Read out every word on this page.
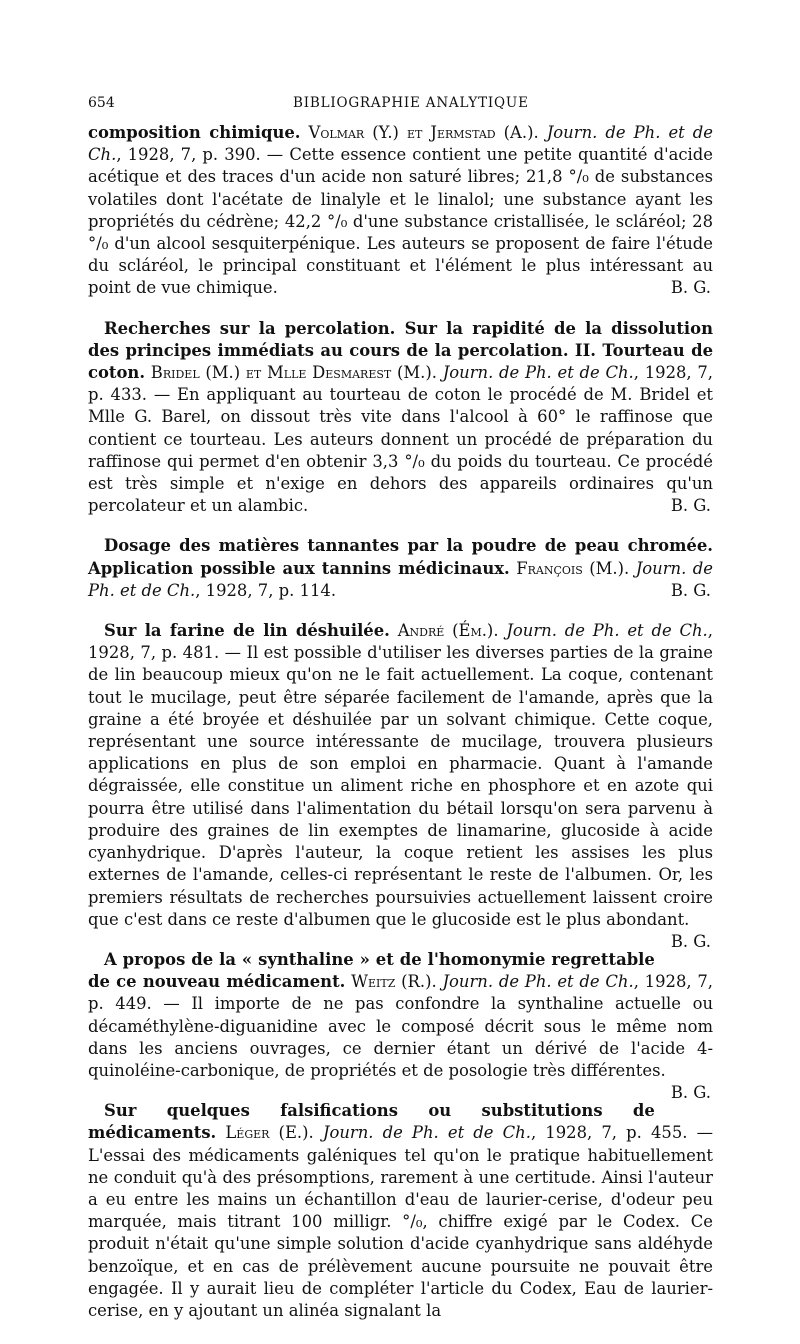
654	BIBLIOGRAPHIE ANALYTIQUE

composition chimique. Volmar (Y.) et Jermstad (A.). Journ. de Ph. et de Ch., 1928, 7, p. 390. — Cette essence contient une petite quantité d'acide acétique et des traces d'un acide non saturé libres; 21,8 °/₀ de substances volatiles dont l'acétate de linalyle et le linalol; une substance ayant les propriétés du cédrène; 42,2 °/₀ d'une substance cristallisée, le scláréol; 28 °/₀ d'un alcool sesquiterpénique. Les auteurs se proposent de faire l'étude du scláréol, le principal constituant et l'élément le plus intéressant au point de vue chimique.	B. G.

Recherches sur la percolation. Sur la rapidité de la dissolution des principes immédiats au cours de la percolation. II. Tourteau de coton. Bridel (M.) et Mlle Desmarest (M.). Journ. de Ph. et de Ch., 1928, 7, p. 433. — En appliquant au tourteau de coton le procédé de M. Bridel et Mlle G. Barel, on dissout très vite dans l'alcool à 60° le raffinose que contient ce tourteau. Les auteurs donnent un procédé de préparation du raffinose qui permet d'en obtenir 3,3 °/₀ du poids du tourteau. Ce procédé est très simple et n'exige en dehors des appareils ordinaires qu'un percolateur et un alambic.	B. G.

Dosage des matières tannantes par la poudre de peau chromée. Application possible aux tannins médicinaux. François (M.). Journ. de Ph. et de Ch., 1928, 7, p. 114.	B. G.

Sur la farine de lin déshuilée. André (Ém.). Journ. de Ph. et de Ch., 1928, 7, p. 481. — Il est possible d'utiliser les diverses parties de la graine de lin beaucoup mieux qu'on ne le fait actuellement. La coque, contenant tout le mucilage, peut être séparée facilement de l'amande, après que la graine a été broyée et déshuilée par un solvant chimique. Cette coque, représentant une source intéressante de mucilage, trouvera plusieurs applications en plus de son emploi en pharmacie. Quant à l'amande dégraissée, elle constitue un aliment riche en phosphore et en azote qui pourra être utilisé dans l'alimentation du bétail lorsqu'on sera parvenu à produire des graines de lin exemptes de linamarine, glucoside à acide cyanhydrique. D'après l'auteur, la coque retient les assises les plus externes de l'amande, celles-ci représentant le reste de l'albumen. Or, les premiers résultats de recherches poursuivies actuellement laissent croire que c'est dans ce reste d'albumen que le glucoside est le plus abondant.
B. G.

A propos de la « synthaline » et de l'homonymie regrettable de ce nouveau médicament. Weitz (R.). Journ. de Ph. et de Ch., 1928, 7, p. 449. — Il importe de ne pas confondre la synthaline actuelle ou décaméthylène-diguanidine avec le composé décrit sous le même nom dans les anciens ouvrages, ce dernier étant un dérivé de l'acide 4-quinoléine-carbonique, de propriétés et de posologie très différentes.
B. G.

Sur quelques falsifications ou substitutions de médicaments. Léger (E.). Journ. de Ph. et de Ch., 1928, 7, p. 455. — L'essai des médicaments galéniques tel qu'on le pratique habituellement ne conduit qu'à des présomptions, rarement à une certitude. Ainsi l'auteur a eu entre les mains un échantillon d'eau de laurier-cerise, d'odeur peu marquée, mais titrant 100 milligr. °/₀, chiffre exigé par le Codex. Ce produit n'était qu'une simple solution d'acide cyanhydrique sans aldéhyde benzoïque, et en cas de prélèvement aucune poursuite ne pouvait être engagée. Il y aurait lieu de compléter l'article du Codex, Eau de laurier-cerise, en y ajoutant un alinéa signalant la
